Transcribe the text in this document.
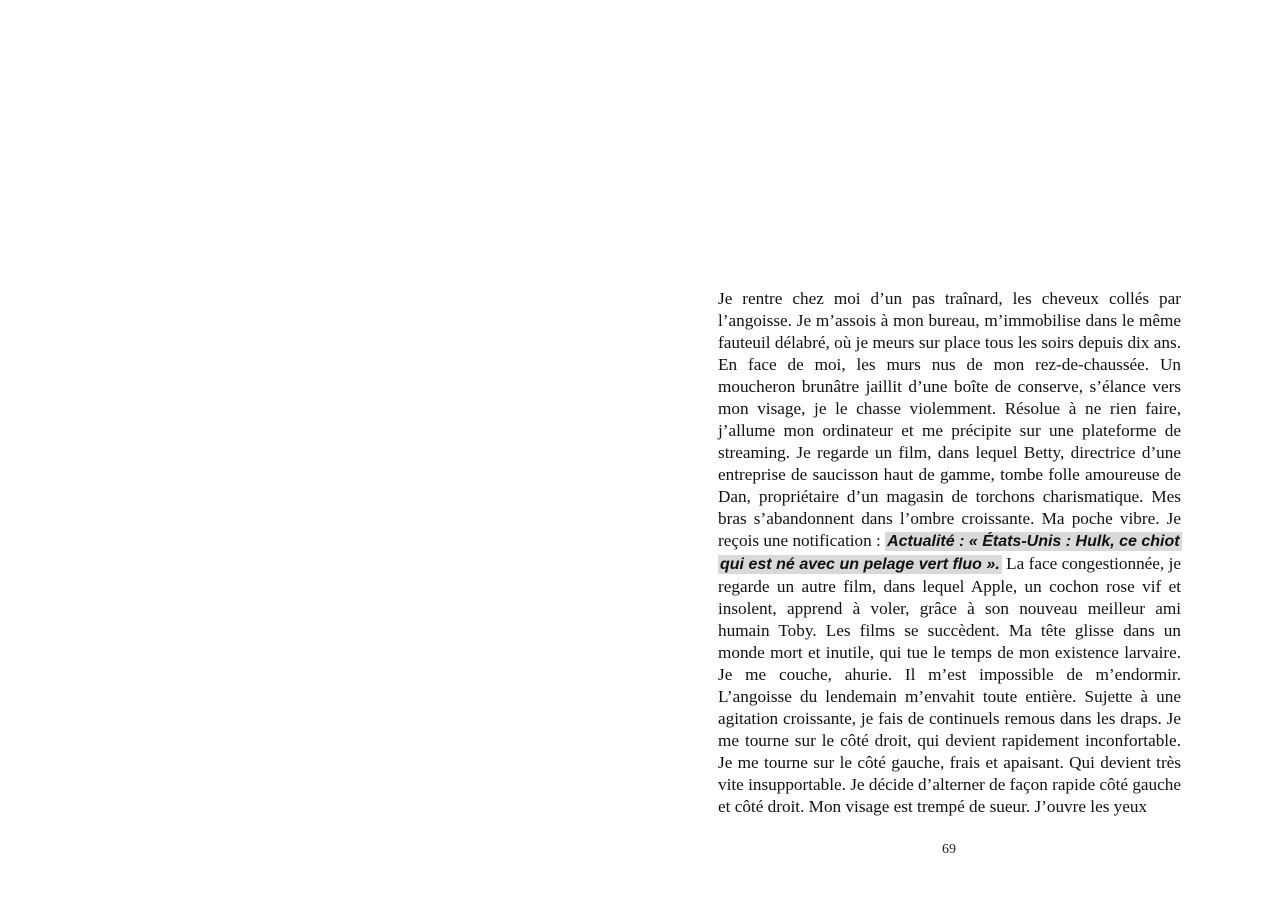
Je rentre chez moi d’un pas traînard, les cheveux collés par l’angoisse. Je m’assois à mon bureau, m’immobilise dans le même fauteuil délabré, où je meurs sur place tous les soirs depuis dix ans. En face de moi, les murs nus de mon rez-de-chaussée. Un moucheron brunâtre jaillit d’une boîte de conserve, s’élance vers mon visage, je le chasse violemment. Résolue à ne rien faire, j’allume mon ordinateur et me précipite sur une plateforme de streaming. Je regarde un film, dans lequel Betty, directrice d’une entreprise de saucisson haut de gamme, tombe folle amoureuse de Dan, propriétaire d’un magasin de torchons charismatique. Mes bras s’abandonnent dans l’ombre croissante. Ma poche vibre. Je reçois une notification : Actualité : « États-Unis : Hulk, ce chiot qui est né avec un pelage vert fluo ». La face congestionnée, je regarde un autre film, dans lequel Apple, un cochon rose vif et insolent, apprend à voler, grâce à son nouveau meilleur ami humain Toby. Les films se succèdent. Ma tête glisse dans un monde mort et inutile, qui tue le temps de mon existence larvaire. Je me couche, ahurie. Il m’est impossible de m’endormir. L’angoisse du lendemain m’envahit toute entière. Sujette à une agitation croissante, je fais de continuels remous dans les draps. Je me tourne sur le côté droit, qui devient rapidement inconfortable. Je me tourne sur le côté gauche, frais et apaisant. Qui devient très vite insupportable. Je décide d’alterner de façon rapide côté gauche et côté droit. Mon visage est trempé de sueur. J’ouvre les yeux

69
